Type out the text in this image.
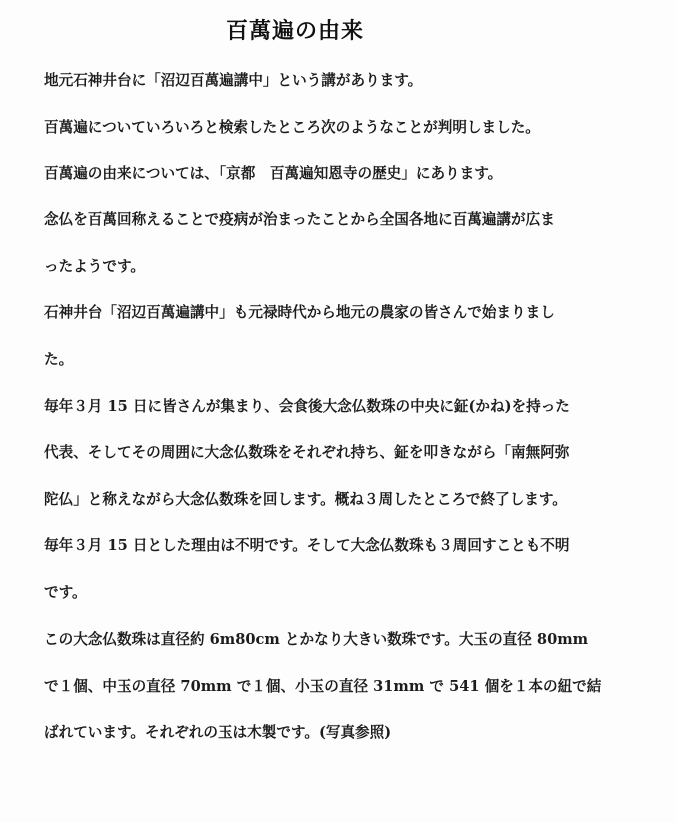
百萬遍の由来
地元石神井台に「沼辺百萬遍講中」という講があります。
百萬遍についていろいろと検索したところ次のようなことが判明しました。
百萬遍の由来については、「京都　百萬遍知恩寺の歴史」にあります。
念仏を百萬回称えることで疫病が治まったことから全国各地に百萬遍講が広ま
ったようです。
石神井台「沼辺百萬遍講中」も元禄時代から地元の農家の皆さんで始まりまし
た。
毎年３月 15 日に皆さんが集まり、会食後大念仏数珠の中央に鉦(かね)を持った
代表、そしてその周囲に大念仏数珠をそれぞれ持ち、鉦を叩きながら「南無阿弥
陀仏」と称えながら大念仏数珠を回します。概ね３周したところで終了します。
毎年３月 15 日とした理由は不明です。そして大念仏数珠も３周回すことも不明
です。
この大念仏数珠は直径約 6m80cm とかなり大きい数珠です。大玉の直径 80mm
で１個、中玉の直径 70mm で１個、小玉の直径 31mm で 541 個を１本の紐で結
ばれています。それぞれの玉は木製です。(写真参照)
